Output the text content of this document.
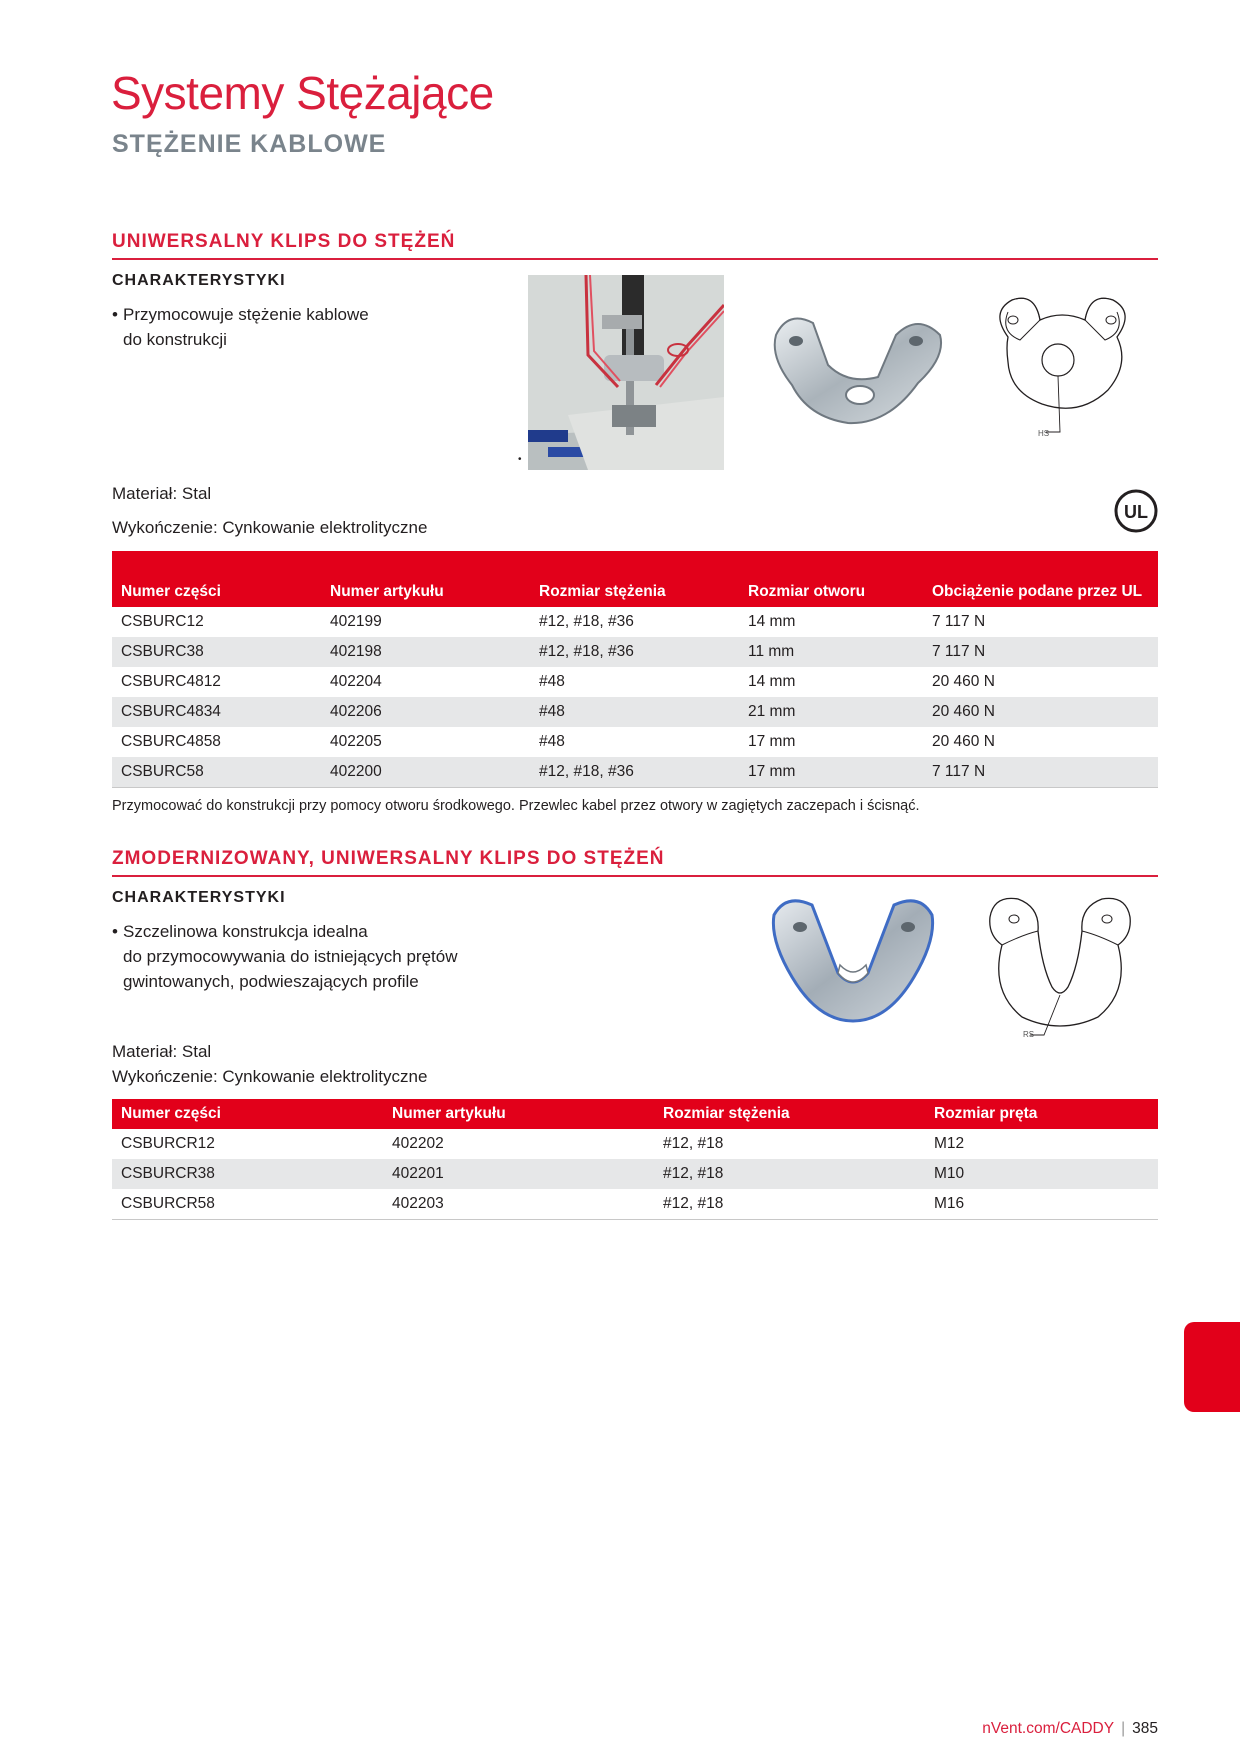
Systemy Stężające
STĘŻENIE KABLOWE
UNIWERSALNY KLIPS DO STĘŻEŃ
CHARAKTERYSTYKI
• Przymocowuje stężenie kablowe
do konstrukcji
•
HS
Materiał: Stal
Wykończenie: Cynkowanie elektrolityczne
UL
Numer części	Numer artykułu	Rozmiar stężenia	Rozmiar otworu	Obciążenie podane przez UL
CSBURC12	402199	#12, #18, #36	14 mm	7 117 N
CSBURC38	402198	#12, #18, #36	11 mm	7 117 N
CSBURC4812	402204	#48	14 mm	20 460 N
CSBURC4834	402206	#48	21 mm	20 460 N
CSBURC4858	402205	#48	17 mm	20 460 N
CSBURC58	402200	#12, #18, #36	17 mm	7 117 N
Przymocować do konstrukcji przy pomocy otworu środkowego. Przewlec kabel przez otwory w zagiętych zaczepach i ścisnąć.
ZMODERNIZOWANY, UNIWERSALNY KLIPS DO STĘŻEŃ
CHARAKTERYSTYKI
• Szczelinowa konstrukcja idealna
do przymocowywania do istniejących prętów
gwintowanych, podwieszających profile
RS
Materiał: Stal
Wykończenie: Cynkowanie elektrolityczne
Numer części	Numer artykułu	Rozmiar stężenia	Rozmiar pręta
CSBURCR12	402202	#12, #18	M12
CSBURCR38	402201	#12, #18	M10
CSBURCR58	402203	#12, #18	M16
nVent.com/CADDY | 385
